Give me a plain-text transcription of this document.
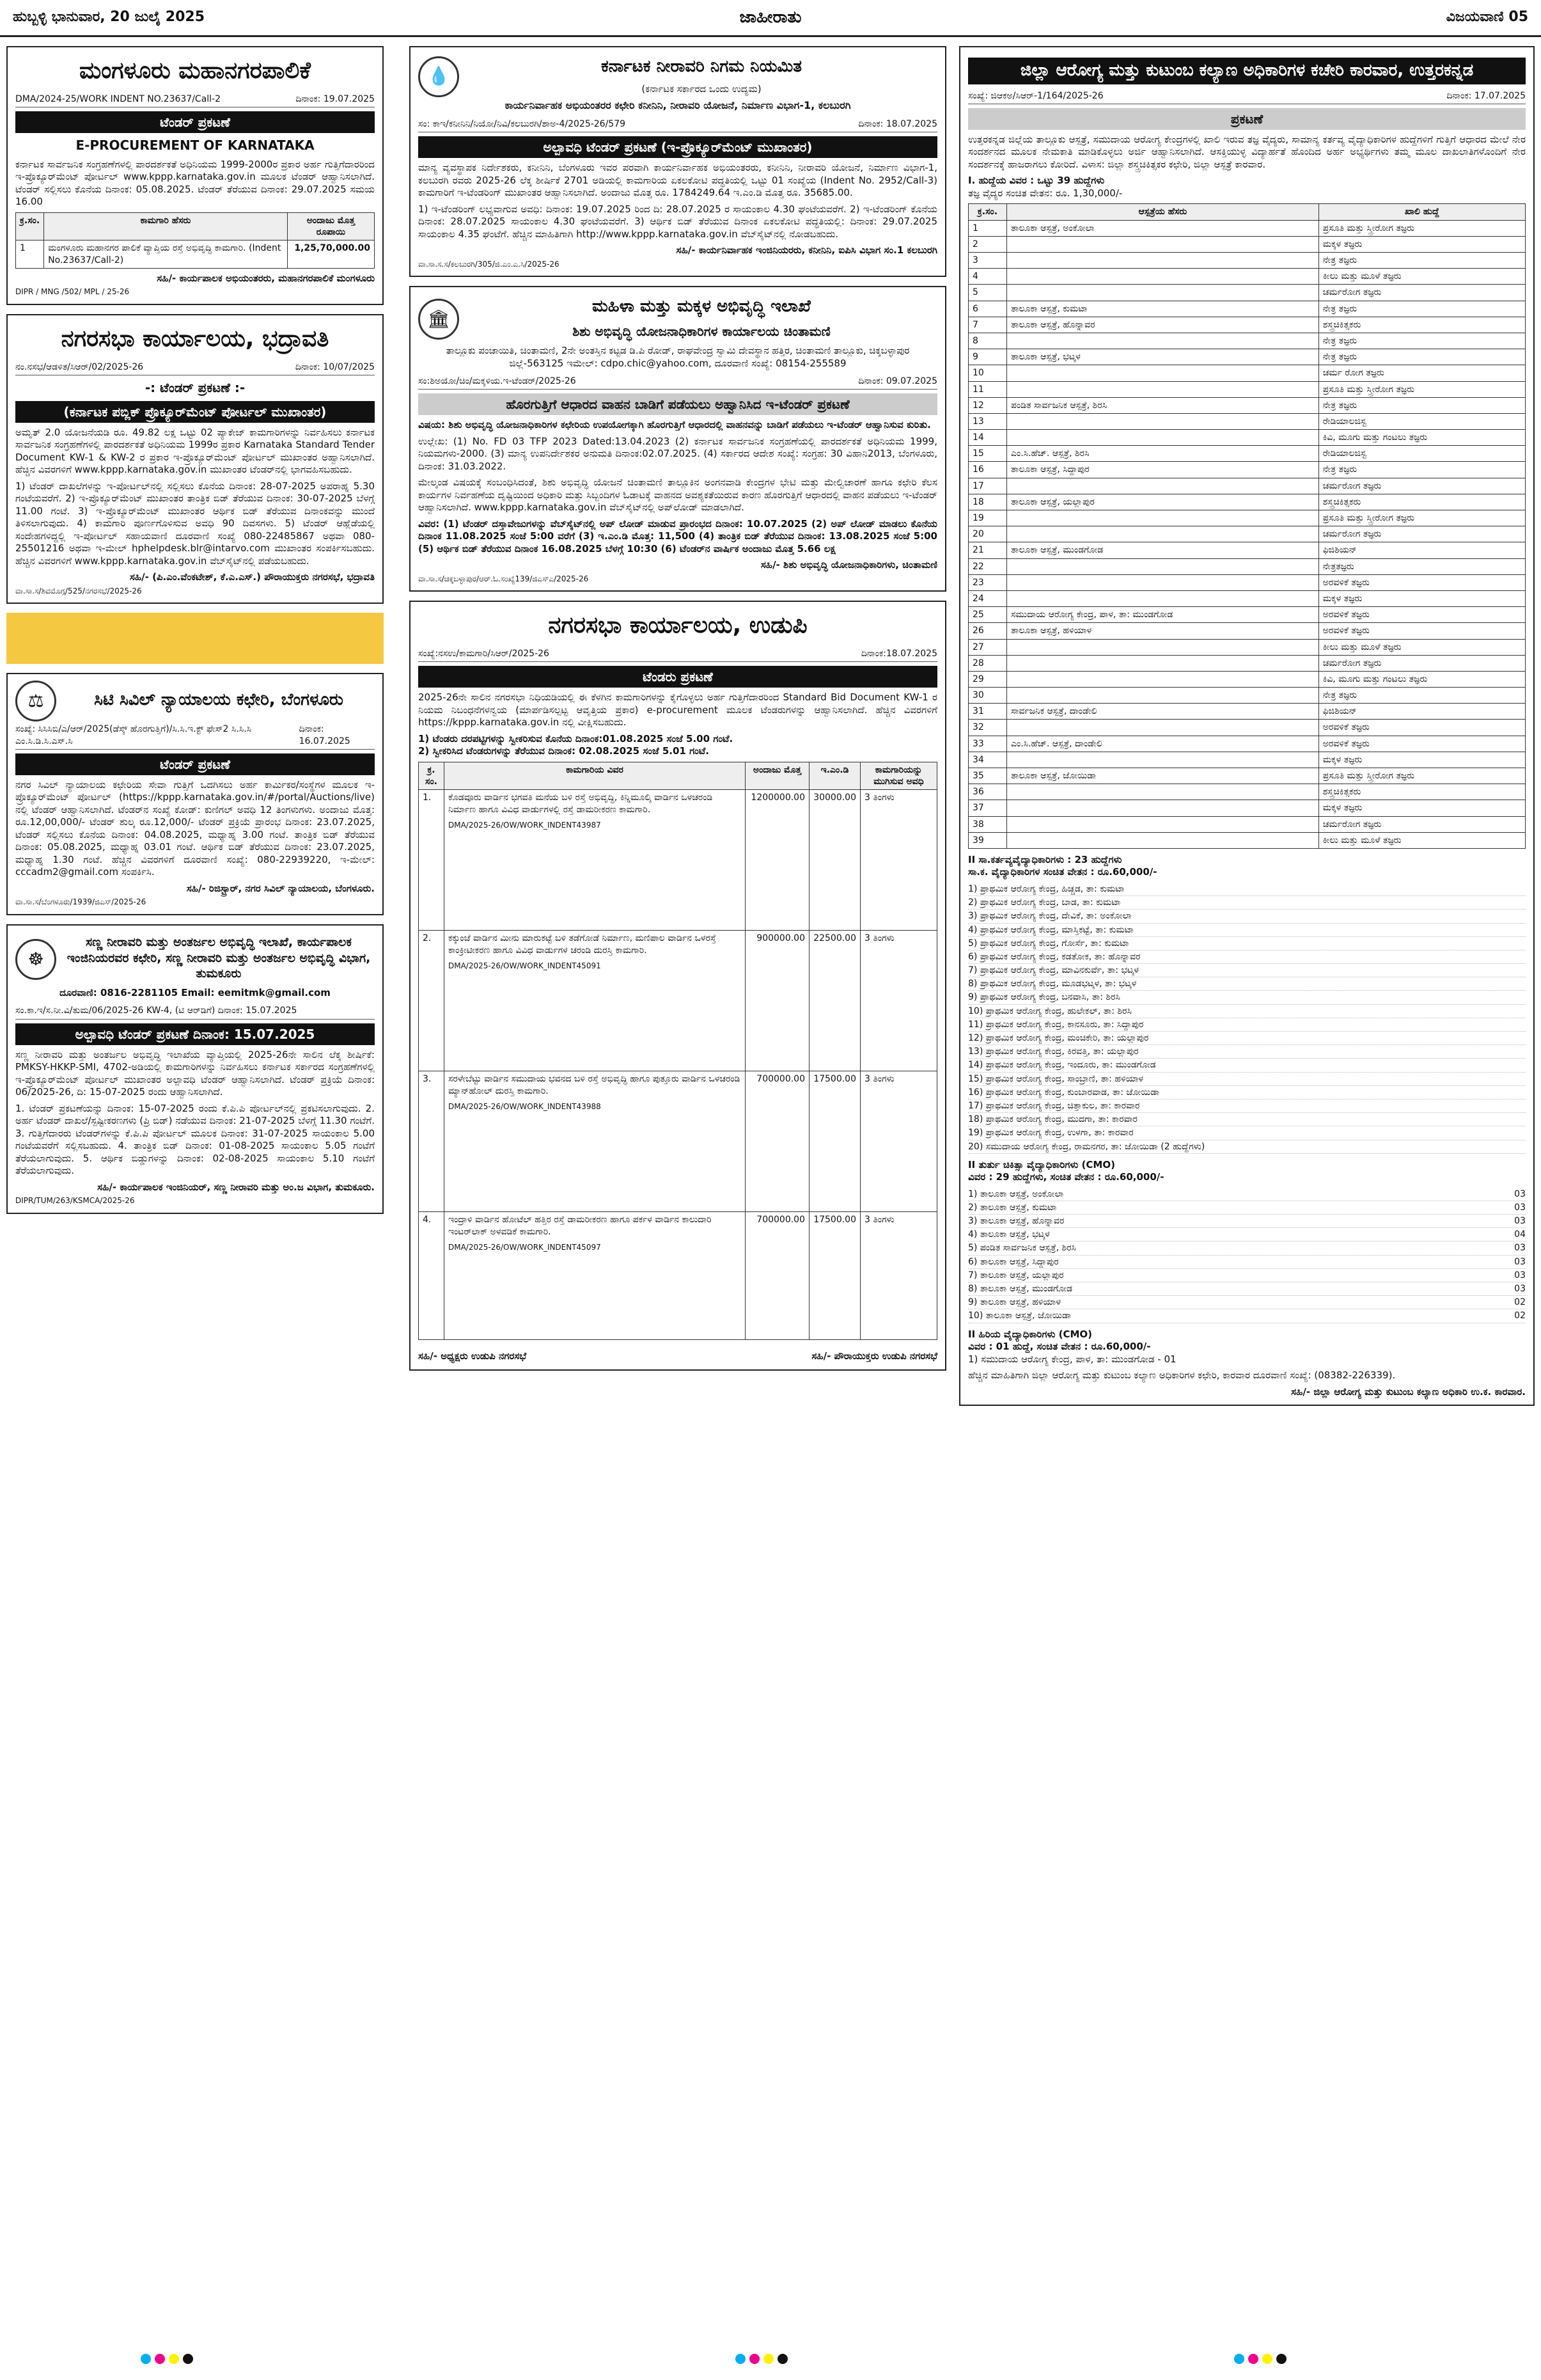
ಹುಬ್ಬಳ್ಳಿ ಭಾನುವಾರ, 20 ಜುಲೈ 2025	ಜಾಹೀರಾತು	ವಿಜಯವಾಣಿ 05
ಮಂಗಳೂರು ಮಹಾನಗರಪಾಲಿಕೆ
DMA/2024-25/WORK INDENT NO.23637/Call-2	ದಿನಾಂಕ: 19.07.2025
ಟೆಂಡರ್ ಪ್ರಕಟಣೆ
E-PROCUREMENT OF KARNATAKA
ಕರ್ನಾಟಕ ಸಾರ್ವಜನಿಕ ಸಂಗ್ರಹಣೆಗಳಲ್ಲಿ ಪಾರದರ್ಶಕತೆ ಅಧಿನಿಯಮ 1999-2000ರ ಪ್ರಕಾರ ಅರ್ಹ ಗುತ್ತಿಗೆದಾರರಿಂದ ಇ-ಪ್ರೊಕ್ಯೂರ್‌ಮೆಂಟ್ ಪೋರ್ಟಲ್ www.kppp.karnataka.gov.in ಮೂಲಕ ಟೆಂಡರ್ ಆಹ್ವಾನಿಸಲಾಗಿದೆ. ಟೆಂಡರ್ ಸಲ್ಲಿಸಲು ಕೊನೆಯ ದಿನಾಂಕ: 05.08.2025. ಟೆಂಡರ್ ತೆರೆಯುವ ದಿನಾಂಕ: 29.07.2025 ಸಮಯ 16.00
ಕ್ರ.ಸಂ.	ಕಾಮಗಾರಿ ಹೆಸರು	ಅಂದಾಜು ಮೊತ್ತ ರೂಪಾಯಿ
1	ಮಂಗಳೂರು ಮಹಾನಗರ ಪಾಲಿಕೆ ವ್ಯಾಪ್ತಿಯ ರಸ್ತೆ ಅಭಿವೃದ್ಧಿ ಕಾಮಗಾರಿ. (Indent No.23637/Call-2)	1,25,70,000.00
ಸಹಿ/- ಕಾರ್ಯಪಾಲಕ ಅಭಿಯಂತರರು, ಮಹಾನಗರಪಾಲಿಕೆ ಮಂಗಳೂರು
DIPR / MNG /502/ MPL / 25-26
ನಗರಸಭಾ ಕಾರ್ಯಾಲಯ, ಭದ್ರಾವತಿ
ನಂ.ನಸಭ/ಆಡಳಿತ/ಸಿಆರ್/02/2025-26	ದಿನಾಂಕ: 10/07/2025
-: ಟೆಂಡರ್ ಪ್ರಕಟಣೆ :-
(ಕರ್ನಾಟಕ ಪಬ್ಲಿಕ್ ಪ್ರೊಕ್ಯೂರ್‌ಮೆಂಟ್ ಪೋರ್ಟಲ್ ಮುಖಾಂತರ)
ಅಮೃತ್ 2.0 ಯೋಜನೆಯಡಿ ರೂ. 49.82 ಲಕ್ಷ ಒಟ್ಟು 02 ಪ್ಯಾಕೇಜ್ ಕಾಮಗಾರಿಗಳನ್ನು ನಿರ್ವಹಿಸಲು ಕರ್ನಾಟಕ ಸಾರ್ವಜನಿಕ ಸಂಗ್ರಹಣೆಗಳಲ್ಲಿ ಪಾರದರ್ಶಕತೆ ಅಧಿನಿಯಮ 1999ರ ಪ್ರಕಾರ Karnataka Standard Tender Document KW-1 & KW-2 ರ ಪ್ರಕಾರ ಇ-ಪ್ರೊಕ್ಯೂರ್‌ಮೆಂಟ್ ಪೋರ್ಟಲ್ ಮುಖಾಂತರ ಅಹ್ವಾನಿಸಲಾಗಿದೆ. ಹೆಚ್ಚಿನ ವಿವರಗಳಿಗೆ www.kppp.karnataka.gov.in ಮುಖಾಂತರ ಟೆಂಡರ್‌ನಲ್ಲಿ ಭಾಗವಹಿಸಬಹುದು.
1) ಟೆಂಡರ್ ದಾಖಲೆಗಳನ್ನು ಇ-ಪೋರ್ಟಲ್‌ನಲ್ಲಿ ಸಲ್ಲಿಸಲು ಕೊನೆಯ ದಿನಾಂಕ: 28-07-2025 ಅಪರಾಹ್ನ 5.30 ಗಂಟೆಯವರೆಗೆ. 2) ಇ-ಪ್ರೊಕ್ಯೂರ್‌ಮೆಂಟ್ ಮುಖಾಂತರ ತಾಂತ್ರಿಕ ಬಿಡ್ ತೆರೆಯುವ ದಿನಾಂಕ: 30-07-2025 ಬೆಳಗ್ಗೆ 11.00 ಗಂಟೆ. 3) ಇ-ಪ್ರೊಕ್ಯೂರ್‌ಮೆಂಟ್ ಮುಖಾಂತರ ಆರ್ಥಿಕ ಬಿಡ್ ತೆರೆಯುವ ದಿನಾಂಕವನ್ನು ಮುಂದೆ ತಿಳಿಸಲಾಗುವುದು. 4) ಕಾಮಗಾರಿ ಪೂರ್ಣಗೊಳಿಸುವ ಅವಧಿ 90 ದಿವಸಗಳು. 5) ಟೆಂಡರ್ ಆಹ್ಲೆಡೆಯಲ್ಲಿ ಸಂದೇಹಗಳಿದ್ದಲ್ಲಿ ಇ-ಪೋರ್ಟಲ್ ಸಹಾಯವಾಣಿ ದೂರವಾಣಿ ಸಂಖ್ಯೆ 080-22485867 ಅಥವಾ 080-25501216 ಅಥವಾ ಇ-ಮೇಲ್ hphelpdesk.blr@intarvo.com ಮುಖಾಂತರ ಸಂಪರ್ಕಿಸಬಹುದು. ಹೆಚ್ಚಿನ ವಿವರಗಳಿಗೆ www.kppp.karnataka.gov.in ವೆಬ್‌ಸೈಟ್‌ನಲ್ಲಿ ಪಡೆಯಬಹುದು.
ಸಹಿ/- (ಪಿ.ಎಂ.ವೆಂಕಟೇಶ್, ಕೆ.ಎ.ಎಸ್.) ಪೌರಾಯುಕ್ತರು ನಗರಸಭೆ, ಭದ್ರಾವತಿ
ವಾ.ಸಾ.ಸ/ಶಿವಮೊಗ್ಗ/525/ನಗರಸಭೆ/2025-26
⚖	ಸಿಟಿ ಸಿವಿಲ್ ನ್ಯಾಯಾಲಯ ಕಛೇರಿ, ಬೆಂಗಳೂರು
ಸಂಖ್ಯೆ: ಸಿಸಿಸಿಬಿ/ಎ/ಆರ್/2025(ಡೆಸ್ಕ್ ಹೊರಗುತ್ತಿಗೆ)/ಸಿ.ಸಿ.ಇ.ಕ್ಟ್ ಫೇಸ್2 ಸಿ.ಸಿ.ಸಿ ಎಂ.ಸಿ.ಡಿ.ಸಿ.ಎಸ್.ಸಿ
ದಿನಾಂಕ: 16.07.2025
ಟೆಂಡರ್ ಪ್ರಕಟಣೆ
ನಗರ ಸಿವಿಲ್ ನ್ಯಾಯಾಲಯ ಕಛೇರಿಯ ಸೇವಾ ಗುತ್ತಿಗೆ ಒದಗಿಸಲು ಅರ್ಹ ಕಾರ್ಮಿಕರ/ಸಂಸ್ಥೆಗಳ ಮೂಲಕ ಇ-ಪ್ರೊಕ್ಯೂರ್‌ಮೆಂಟ್ ಪೋರ್ಟಲ್ (https://kppp.karnataka.gov.in/#/portal/Auctions/live) ನಲ್ಲಿ ಟೆಂಡರ್ ಆಹ್ವಾನಿಸಲಾಗಿದೆ. ಟೆಂಡರ್‌ನ ಸಂಖ್ಯೆ ಕೋಡ್: ಕುಣಿಗಲ್ ಅವಧಿ 12 ತಿಂಗಳುಗಳು. ಅಂದಾಜು ಮೊತ್ತ: ರೂ.12,00,000/- ಟೆಂಡರ್ ಶುಲ್ಕ ರೂ.12,000/- ಟೆಂಡರ್ ಪ್ರಕ್ರಿಯೆ ಪ್ರಾರಂಭ ದಿನಾಂಕ: 23.07.2025, ಟೆಂಡರ್ ಸಲ್ಲಿಸಲು ಕೊನೆಯ ದಿನಾಂಕ: 04.08.2025, ಮಧ್ಯಾಹ್ನ 3.00 ಗಂಟೆ. ತಾಂತ್ರಿಕ ಬಿಡ್ ತೆರೆಯುವ ದಿನಾಂಕ: 05.08.2025, ಮಧ್ಯಾಹ್ನ 03.01 ಗಂಟೆ. ಆರ್ಥಿಕ ಬಿಡ್ ತೆರೆಯುವ ದಿನಾಂಕ: 23.07.2025, ಮಧ್ಯಾಹ್ನ 1.30 ಗಂಟೆ. ಹೆಚ್ಚಿನ ವಿವರಗಳಿಗೆ ದೂರವಾಣಿ ಸಂಖ್ಯೆ: 080-22939220, ಇ-ಮೇಲ್: cccadm2@gmail.com ಸಂಪರ್ಕಿಸಿ.
ಸಹಿ/- ರಿಜಿಸ್ಟ್ರಾರ್, ನಗರ ಸಿವಿಲ್ ನ್ಯಾಯಾಲಯ, ಬೆಂಗಳೂರು.
ವಾ.ಸಾ.ಸ/ಬೆಂಗಳೂರು/1939/ಜಿಎಸ್/2025-26
☸
ಸಣ್ಣ ನೀರಾವರಿ ಮತ್ತು ಅಂತರ್ಜಲ ಅಭಿವೃದ್ಧಿ ಇಲಾಖೆ, ಕಾರ್ಯಪಾಲಕ ಇಂಜಿನಿಯರವರ ಕಛೇರಿ, ಸಣ್ಣ ನೀರಾವರಿ ಮತ್ತು ಅಂತರ್ಜಲ ಅಭಿವೃದ್ಧಿ ವಿಭಾಗ, ತುಮಕೂರು
ದೂರವಾಣಿ: 0816-2281105 Email: eemitmk@gmail.com
ಸಂ.ಕಾ.ಇ/ಸ.ನೀ.ವಿ/ತುಮ/06/2025-26 KW-4, (ಟಿ ಆರ್‌ಡಿಗೆ) ದಿನಾಂಕ: 15.07.2025
ಅಲ್ಪಾವಧಿ ಟೆಂಡರ್ ಪ್ರಕಟಣೆ ದಿನಾಂಕ: 15.07.2025
ಸಣ್ಣ ನೀರಾವರಿ ಮತ್ತು ಅಂತರ್ಜಲ ಅಭಿವೃದ್ಧಿ ಇಲಾಖೆಯ ವ್ಯಾಪ್ತಿಯಲ್ಲಿ 2025-26ನೇ ಸಾಲಿನ ಲೆಕ್ಕ ಶೀರ್ಷಿಕೆ: PMKSY-HKKP-SMI, 4702-ಅಡಿಯಲ್ಲಿ ಕಾಮಗಾರಿಗಳನ್ನು ನಿರ್ವಹಿಸಲು ಕರ್ನಾಟಕ ಸರ್ಕಾರದ ಸಂಗ್ರಹಣೆಗಳಲ್ಲಿ ಇ-ಪ್ರೊಕ್ಯೂರ್‌ಮೆಂಟ್ ಪೋರ್ಟಲ್ ಮುಖಾಂತರ ಅಲ್ಪಾವಧಿ ಟೆಂಡರ್ ಆಹ್ವಾನಿಸಲಾಗಿದೆ. ಟೆಂಡರ್ ಪ್ರಕ್ರಿಯೆ ದಿನಾಂಕ: 06/2025-26, ದಿ: 15-07-2025 ರಂದು ಆಹ್ವಾನಿಸಲಾಗಿದೆ.
1. ಟೆಂಡರ್ ಪ್ರಕಟಣೆಯನ್ನು ದಿನಾಂಕ: 15-07-2025 ರಂದು ಕೆ.ಪಿ.ಪಿ ಪೋರ್ಟಲ್‌ನಲ್ಲಿ ಪ್ರಕಟಿಸಲಾಗುವುದು. 2. ಅರ್ಹ ಟೆಂಡರ್ ದಾಖಲೆ/ಸ್ಪಷ್ಟೀಕರಣಗಳು (ಪ್ರಿ ಬಿಡ್) ನಡೆಯುವ ದಿನಾಂಕ: 21-07-2025 ಬೆಳಗ್ಗೆ 11.30 ಗಂಟೆಗೆ. 3. ಗುತ್ತಿಗೆದಾರರು ಟೆಂಡರ್‌ಗಳನ್ನು ಕೆ.ಪಿ.ಪಿ ಪೋರ್ಟಲ್ ಮೂಲಕ ದಿನಾಂಕ: 31-07-2025 ಸಾಯಂಕಾಲ 5.00 ಗಂಟೆಯವರೆಗೆ ಸಲ್ಲಿಸಬಹುದು. 4. ತಾಂತ್ರಿಕ ಬಿಡ್ ದಿನಾಂಕ: 01-08-2025 ಸಾಯಂಕಾಲ 5.05 ಗಂಟೆಗೆ ತೆರೆಯಲಾಗುವುದು. 5. ಆರ್ಥಿಕ ಬಿಡ್ಡುಗಳನ್ನು ದಿನಾಂಕ: 02-08-2025 ಸಾಯಂಕಾಲ 5.10 ಗಂಟೆಗೆ ತೆರೆಯಲಾಗುವುದು.
ಸಹಿ/- ಕಾರ್ಯಪಾಲಕ ಇಂಜಿನಿಯರ್, ಸಣ್ಣ ನೀರಾವರಿ ಮತ್ತು ಅಂ.ಜ ವಿಭಾಗ, ತುಮಕೂರು.
DIPR/TUM/263/KSMCA/2025-26
💧	ಕರ್ನಾಟಕ ನೀರಾವರಿ ನಿಗಮ ನಿಯಮಿತ
(ಕರ್ನಾಟಕ ಸರ್ಕಾರದ ಒಂದು ಉದ್ಯಮ)
ಕಾರ್ಯನಿರ್ವಾಹಕ ಅಭಿಯಂತರರ ಕಛೇರಿ ಕನೀನಿನಿ, ನೀರಾವರಿ ಯೋಜನೆ, ನಿರ್ಮಾಣ ವಿಭಾಗ-1, ಕಲಬುರಗಿ
ಸಂ: ಕಾಇ/ಕನೀನಿನಿ/ನಿಯೋ/ನಿವಿ/ಕಲಬುರಗಿ/ಶಾಅ-4/2025-26/579	ದಿನಾಂಕ: 18.07.2025
ಅಲ್ಪಾವಧಿ ಟೆಂಡರ್ ಪ್ರಕಟಣೆ (ಇ-ಪ್ರೊಕ್ಯೂರ್‌ಮೆಂಟ್ ಮುಖಾಂತರ)
ಮಾನ್ಯ ವ್ಯವಸ್ಥಾಪಕ ನಿರ್ದೇಶಕರು, ಕನೀನಿನಿ, ಬೆಂಗಳೂರು ಇವರ ಪರವಾಗಿ ಕಾರ್ಯನಿರ್ವಾಹಕ ಅಭಿಯಂತರರು, ಕನೀನಿನಿ, ನೀರಾವರಿ ಯೋಜನೆ, ನಿರ್ಮಾಣ ವಿಭಾಗ-1, ಕಲಬುರಗಿ ರವರು 2025-26 ಲೆಕ್ಕ ಶೀರ್ಷಿಕೆ 2701 ಅಡಿಯಲ್ಲಿ ಕಾಮಗಾರಿಯ ಏಕಲಕೋಟಿ ಪದ್ಧತಿಯಲ್ಲಿ ಒಟ್ಟು 01 ಸಂಖ್ಯೆಯ (Indent No. 2952/Call-3) ಕಾಮಗಾರಿಗೆ ಇ-ಟೆಂಡರಿಂಗ್ ಮುಖಾಂತರ ಆಹ್ವಾನಿಸಲಾಗಿದೆ. ಅಂದಾಜು ಮೊತ್ತ ರೂ. 1784249.64 ಇ.ಎಂ.ಡಿ ಮೊತ್ತ ರೂ. 35685.00.
1) ಇ-ಟೆಂಡರಿಂಗ್ ಲಭ್ಯವಾಗುವ ಅವಧಿ: ದಿನಾಂಕ: 19.07.2025 ರಿಂದ ದಿ: 28.07.2025 ರ ಸಾಯಂಕಾಲ 4.30 ಘಂಟೆಯವರೆಗೆ. 2) ಇ-ಟೆಂಡರಿಂಗ್ ಕೊನೆಯ ದಿನಾಂಕ: 28.07.2025 ಸಾಯಂಕಾಲ 4.30 ಘಂಟೆಯವರೆಗೆ. 3) ಆರ್ಥಿಕ ಬಿಡ್ ತೆರೆಯುವ ದಿನಾಂಕ ಏಕಲಕೋಟಿ ಪದ್ಧತಿಯಲ್ಲಿ: ದಿನಾಂಕ: 29.07.2025 ಸಾಯಂಕಾಲ 4.35 ಘಂಟೆಗೆ. ಹೆಚ್ಚಿನ ಮಾಹಿತಿಗಾಗಿ http://www.kppp.karnataka.gov.in ವೆಬ್‌ಸೈಟ್‌ನಲ್ಲಿ ನೋಡಬಹುದು.
ಸಹಿ/- ಕಾರ್ಯನಿರ್ವಾಹಕ ಇಂಜಿನಿಯರರು, ಕನೀನಿನಿ, ಐಪಿಸಿ ವಿಭಾಗ ಸಂ.1 ಕಲಬುರಗಿ
ವಾ.ಸಾ.ಸ.ಸ/ಕಲಬುರಗಿ/305/ಜಿ.ಎಂ.ಎ.ಸಿ/2025-26
🏛
ಮಹಿಳಾ ಮತ್ತು ಮಕ್ಕಳ ಅಭಿವೃದ್ಧಿ ಇಲಾಖೆ
ಶಿಶು ಅಭಿವೃದ್ಧಿ ಯೋಜನಾಧಿಕಾರಿಗಳ ಕಾರ್ಯಾಲಯ ಚಿಂತಾಮಣಿ
ತಾಲ್ಲೂಕು ಪಂಚಾಯಿತಿ, ಚಿಂತಾಮಣಿ, 2ನೇ ಅಂತಸ್ತಿನ ಕಟ್ಟಡ ಡಿ.ಪಿ ರೋಡ್, ರಾಘವೇಂದ್ರ ಸ್ವಾಮಿ ದೇವಸ್ಥಾನ ಹತ್ತಿರ, ಚಿಂತಾಮಣಿ ತಾಲ್ಲೂಕು, ಚಿಕ್ಕಬಳ್ಳಾಪುರ ಜಿಲ್ಲೆ-563125 ಇಮೇಲ್: cdpo.chic@yahoo.com, ದೂರವಾಣಿ ಸಂಖ್ಯೆ: 08154-255589
ಸಂ:ಶಿಅಯೋ/ಚಿಂ/ಮಕ್ಕಳಿಯ.ಇ-ಟೆಂಡರ್/2025-26	ದಿನಾಂಕ: 09.07.2025
ಹೊರಗುತ್ತಿಗೆ ಆಧಾರದ ವಾಹನ ಬಾಡಿಗೆ ಪಡೆಯಲು ಅಹ್ವಾನಿಸಿದ ಇ-ಟೆಂಡರ್ ಪ್ರಕಟಣೆ
ವಿಷಯ: ಶಿಶು ಅಭಿವೃದ್ಧಿ ಯೋಜನಾಧಿಕಾರಿಗಳ ಕಛೇರಿಯ ಉಪಯೋಗಕ್ಕಾಗಿ ಹೊರಗುತ್ತಿಗೆ ಆಧಾರದಲ್ಲಿ ವಾಹನವನ್ನು ಬಾಡಿಗೆ ಪಡೆಯಲು ಇ-ಟೆಂಡರ್ ಆಹ್ವಾನಿಸುವ ಕುರಿತು.
ಉಲ್ಲೇಖ: (1) No. FD 03 TFP 2023 Dated:13.04.2023 (2) ಕರ್ನಾಟಕ ಸಾರ್ವಜನಿಕ ಸಂಗ್ರಹಣೆಯಲ್ಲಿ ಪಾರದರ್ಶಕತೆ ಅಧಿನಿಯಮ 1999, ನಿಯಮಗಳು-2000. (3) ಮಾನ್ಯ ಉಪನಿರ್ದೇಶಕರ ಅನುಮತಿ ದಿನಾಂಕ:02.07.2025. (4) ಸರ್ಕಾರದ ಆದೇಶ ಸಂಖ್ಯೆ: ಸಂಗ್ರಹ: 30 ವಿಹಾನಿ2013, ಬೆಂಗಳೂರು, ದಿನಾಂಕ: 31.03.2022.
ಮೇಲ್ಕಂಡ ವಿಷಯಕ್ಕೆ ಸಂಬಂಧಿಸಿದಂತೆ, ಶಿಶು ಅಭಿವೃದ್ಧಿ ಯೋಜನೆ ಚಿಂತಾಮಣಿ ತಾಲ್ಲೂಕಿನ ಅಂಗನವಾಡಿ ಕೇಂದ್ರಗಳ ಭೇಟಿ ಮತ್ತು ಮೇಲ್ವಿಚಾರಣೆ ಹಾಗೂ ಕಛೇರಿ ಕೆಲಸ ಕಾರ್ಯಗಳ ನಿರ್ವಹಣೆಯ ದೃಷ್ಟಿಯಿಂದ ಅಧಿಕಾರಿ ಮತ್ತು ಸಿಬ್ಬಂದಿಗಳ ಓಡಾಟಕ್ಕೆ ವಾಹನದ ಅವಶ್ಯಕತೆಯಿರುವ ಕಾರಣ ಹೊರಗುತ್ತಿಗೆ ಆಧಾರದಲ್ಲಿ ವಾಹನ ಪಡೆಯಲು ಇ-ಟೆಂಡರ್ ಆಹ್ವಾನಿಸಲಾಗಿದೆ. www.kppp.karnataka.gov.in ವೆಬ್‌ಸೈಟ್‌ನಲ್ಲಿ ಅಪ್‌ಲೋಡ್ ಮಾಡಲಾಗಿದೆ.
ವಿವರ: (1) ಟೆಂಡರ್ ದಸ್ತಾವೇಜುಗಳನ್ನು ವೆಬ್‌ಸೈಟ್‌ನಲ್ಲಿ ಅಪ್ ಲೋಡ್ ಮಾಡುವ ಪ್ರಾರಂಭದ ದಿನಾಂಕ: 10.07.2025 (2) ಅಪ್ ಲೋಡ್ ಮಾಡಲು ಕೊನೆಯ ದಿನಾಂಕ 11.08.2025 ಸಂಜೆ 5:00 ವರೆಗೆ (3) ಇ.ಎಂ.ಡಿ ಮೊತ್ತ: 11,500 (4) ತಾಂತ್ರಿಕ ಬಿಡ್ ತೆರೆಯುವ ದಿನಾಂಕ: 13.08.2025 ಸಂಜೆ 5:00 (5) ಆರ್ಥಿಕ ಬಿಡ್ ತೆರೆಯುವ ದಿನಾಂಕ 16.08.2025 ಬೆಳಗ್ಗೆ 10:30 (6) ಟೆಂಡರ್‌ನ ವಾರ್ಷಿಕ ಅಂದಾಜು ಮೊತ್ತ 5.66 ಲಕ್ಷ
ಸಹಿ/- ಶಿಶು ಅಭಿವೃದ್ಧಿ ಯೋಜನಾಧಿಕಾರಿಗಳು, ಚಿಂತಾಮಣಿ
ವಾ.ಸಾ.ಸ/ಚಿಕ್ಕಬಳ್ಳಾಪುರ/ಆರ್.ಓ.ಸಂಖ್ಯೆ139/ಜಿಎಸ್‌ಎ/2025-26
ನಗರಸಭಾ ಕಾರ್ಯಾಲಯ, ಉಡುಪಿ
ಸಂಖ್ಯೆ:ನಸಉ/ಕಾಮಗಾರಿ/ಸಿಆರ್/2025-26	ದಿನಾಂಕ:18.07.2025
ಟೆಂಡರು ಪ್ರಕಟಣೆ
2025-26ನೇ ಸಾಲಿನ ನಗರಸಭಾ ನಿಧಿಯಡಿಯಲ್ಲಿ ಈ ಕೆಳಗಿನ ಕಾಮಗಾರಿಗಳನ್ನು ಕೈಗೊಳ್ಳಲು ಅರ್ಹ ಗುತ್ತಿಗೆದಾರರಿಂದ Standard Bid Document KW-1 ರ ನಿಯಮ ನಿಬಂಧನೆಗಳನ್ವಯ (ಮಾರ್ಪಡಿಸಲ್ಪಟ್ಟ ಆವೃತ್ತಿಯ ಪ್ರಕಾರ) e-procurement ಮೂಲಕ ಟೆಂಡರುಗಳನ್ನು ಆಹ್ವಾನಿಸಲಾಗಿದೆ. ಹೆಚ್ಚಿನ ವಿವರಗಳಿಗೆ https://kppp.karnataka.gov.in ನಲ್ಲಿ ವೀಕ್ಷಿಸಬಹುದು.
1) ಟೆಂಡರು ದರಪಟ್ಟಿಗಳನ್ನು ಸ್ವೀಕರಿಸುವ ಕೊನೆಯ ದಿನಾಂಕ:01.08.2025 ಸಂಜೆ 5.00 ಗಂಟೆ.
2) ಸ್ವೀಕರಿಸಿದ ಟೆಂಡರುಗಳನ್ನು ತೆರೆಯುವ ದಿನಾಂಕ: 02.08.2025 ಸಂಜೆ 5.01 ಗಂಟೆ.
ಕ್ರ. ಸಂ.	ಕಾಮಗಾರಿಯ ವಿವರ	ಅಂದಾಜು ಮೊತ್ತ	ಇ.ಎಂ.ಡಿ	ಕಾಮಗಾರಿಯನ್ನು ಮುಗಿಸುವ ಅವಧಿ
1.	ಕೊಡವೂರು ವಾರ್ಡಿನ ಭಗವತಿ ಮನೆಯ ಬಳಿ ರಸ್ತೆ ಅಭಿವೃದ್ಧಿ, ಕಿನ್ನಿಮೂಲ್ಕಿ ವಾರ್ಡಿನ ಒಳಚರಂಡಿ ನಿರ್ಮಾಣ ಹಾಗೂ ವಿವಿಧ ವಾರ್ಡುಗಳಲ್ಲಿ ರಸ್ತೆ ಡಾಮರೀಕರಣ ಕಾಮಗಾರಿ.
DMA/2025-26/OW/WORK_INDENT43987	1200000.00	30000.00	3 ತಿಂಗಳು
2.	ಕಕ್ಕುಂಜೆ ವಾರ್ಡಿನ ಮೀನು ಮಾರುಕಟ್ಟೆ ಬಳಿ ತಡೆಗೋಡೆ ನಿರ್ಮಾಣ, ಮಣಿಪಾಲ ವಾರ್ಡಿನ ಒಳರಸ್ತೆ ಕಾಂಕ್ರೀಟೀಕರಣ ಹಾಗೂ ವಿವಿಧ ವಾರ್ಡುಗಳ ಚರಂಡಿ ದುರಸ್ತಿ ಕಾಮಗಾರಿ.
DMA/2025-26/OW/WORK_INDENT45091	900000.00	22500.00	3 ತಿಂಗಳು
3.	ಸರಳೇಬೆಟ್ಟು ವಾರ್ಡಿನ ಸಮುದಾಯ ಭವನದ ಬಳಿ ರಸ್ತೆ ಅಭಿವೃದ್ಧಿ ಹಾಗೂ ಪುತ್ತೂರು ವಾರ್ಡಿನ ಒಳಚರಂಡಿ ಮ್ಯಾನ್‌ಹೋಲ್ ದುರಸ್ತಿ ಕಾಮಗಾರಿ.
DMA/2025-26/OW/WORK_INDENT43988	700000.00	17500.00	3 ತಿಂಗಳು
4.	ಇಂದ್ರಾಳಿ ವಾರ್ಡಿನ ಹೋಟೆಲ್ ಹತ್ತಿರ ರಸ್ತೆ ಡಾಮರೀಕರಣ ಹಾಗೂ ಪರ್ಕಳ ವಾರ್ಡಿನ ಕಾಲುದಾರಿ ಇಂಟರ್‌ಲಾಕ್ ಅಳವಡಿಕೆ ಕಾಮಗಾರಿ.
DMA/2025-26/OW/WORK_INDENT45097	700000.00	17500.00	3 ತಿಂಗಳು
ಸಹಿ/- ಅಧ್ಯಕ್ಷರು ಉಡುಪಿ ನಗರಸಭೆ	ಸಹಿ/- ಪೌರಾಯುಕ್ತರು ಉಡುಪಿ ನಗರಸಭೆ
ಜಿಲ್ಲಾ ಆರೋಗ್ಯ ಮತ್ತು ಕುಟುಂಬ ಕಲ್ಯಾಣ ಅಧಿಕಾರಿಗಳ ಕಚೇರಿ ಕಾರವಾರ, ಉತ್ತರಕನ್ನಡ
ಸಂಖ್ಯೆ: ಜಿಆಕಅ/ಸಿಆರ್-1/164/2025-26	ದಿನಾಂಕ: 17.07.2025
ಪ್ರಕಟಣೆ
ಉತ್ತರಕನ್ನಡ ಜಿಲ್ಲೆಯ ತಾಲ್ಲೂಕು ಆಸ್ಪತ್ರೆ, ಸಮುದಾಯ ಆರೋಗ್ಯ ಕೇಂದ್ರಗಳಲ್ಲಿ ಖಾಲಿ ಇರುವ ತಜ್ಞ ವೈದ್ಯರು, ಸಾಮಾನ್ಯ ಕರ್ತವ್ಯ ವೈದ್ಯಾಧಿಕಾರಿಗಳ ಹುದ್ದೆಗಳಿಗೆ ಗುತ್ತಿಗೆ ಆಧಾರದ ಮೇಲೆ ನೇರ ಸಂದರ್ಶನದ ಮೂಲಕ ನೇಮಕಾತಿ ಮಾಡಿಕೊಳ್ಳಲು ಅರ್ಜಿ ಆಹ್ವಾನಿಸಲಾಗಿದೆ. ಆಸಕ್ತಿಯುಳ್ಳ ವಿದ್ಯಾರ್ಹತೆ ಹೊಂದಿದ ಅರ್ಹ ಅಭ್ಯರ್ಥಿಗಳು ತಮ್ಮ ಮೂಲ ದಾಖಲಾತಿಗಳೊಂದಿಗೆ ನೇರ ಸಂದರ್ಶನಕ್ಕೆ ಹಾಜರಾಗಲು ಕೋರಿದೆ. ವಿಳಾಸ: ಜಿಲ್ಲಾ ಶಸ್ತ್ರಚಿಕಿತ್ಸಕರ ಕಛೇರಿ, ಜಿಲ್ಲಾ ಆಸ್ಪತ್ರೆ ಕಾರವಾರ.
I. ಹುದ್ದೆಯ ವಿವರ : ಒಟ್ಟು 39 ಹುದ್ದೆಗಳು
ತಜ್ಞ ವೈದ್ಯರ ಸಂಚಿತ ವೇತನ: ರೂ. 1,30,000/-
ಕ್ರ.ಸಂ.	ಆಸ್ಪತ್ರೆಯ ಹೆಸರು	ಖಾಲಿ ಹುದ್ದೆ
1	ತಾಲೂಕಾ ಆಸ್ಪತ್ರೆ, ಅಂಕೋಲಾ	ಪ್ರಸೂತಿ ಮತ್ತು ಸ್ತ್ರೀರೋಗ ತಜ್ಞರು
2		ಮಕ್ಕಳ ತಜ್ಞರು
3		ನೇತ್ರ ತಜ್ಞರು
4		ಕೀಲು ಮತ್ತು ಮೂಳೆ ತಜ್ಞರು
5		ಚರ್ಮರೋಗ ತಜ್ಞರು
6	ತಾಲೂಕಾ ಆಸ್ಪತ್ರೆ, ಕುಮಟಾ	ನೇತ್ರ ತಜ್ಞರು
7	ತಾಲೂಕಾ ಆಸ್ಪತ್ರೆ, ಹೊನ್ನಾವರ	ಶಸ್ತ್ರಚಿಕಿತ್ಸಕರು
8		ನೇತ್ರ ತಜ್ಞರು
9	ತಾಲೂಕಾ ಆಸ್ಪತ್ರೆ, ಭಟ್ಕಳ	ನೇತ್ರ ತಜ್ಞರು
10		ಚರ್ಮ ರೋಗ ತಜ್ಞರು
11		ಪ್ರಸೂತಿ ಮತ್ತು ಸ್ತ್ರೀರೋಗ ತಜ್ಞರು
12	ಪಂಡಿತ ಸಾರ್ವಜನಿಕ ಆಸ್ಪತ್ರೆ, ಶಿರಸಿ	ನೇತ್ರ ತಜ್ಞರು
13		ರೇಡಿಯಾಲಜಿಸ್ಟ
14		ಕಿವಿ, ಮೂಗು ಮತ್ತು ಗಂಟಲು ತಜ್ಞರು
15	ಎಂ.ಸಿ.ಹೆಚ್. ಆಸ್ಪತ್ರೆ, ಶಿರಸಿ	ರೇಡಿಯಾಲಜಿಸ್ಟ
16	ತಾಲೂಕಾ ಆಸ್ಪತ್ರೆ, ಸಿದ್ದಾಪುರ	ನೇತ್ರ ತಜ್ಞರು
17		ಚರ್ಮರೋಗ ತಜ್ಞರು
18	ತಾಲೂಕಾ ಆಸ್ಪತ್ರೆ, ಯಲ್ಲಾಪುರ	ಶಸ್ತ್ರಚಿಕಿತ್ಸಕರು
19		ಪ್ರಸೂತಿ ಮತ್ತು ಸ್ತ್ರೀರೋಗ ತಜ್ಞರು
20		ಚರ್ಮರೋಗ ತಜ್ಞರು
21	ತಾಲೂಕಾ ಆಸ್ಪತ್ರೆ, ಮುಂಡಗೋಡ	ಫಿಜಿಶಿಯನ್
22		ನೇತ್ರತಜ್ಞರು
23		ಅರವಳಿಕೆ ತಜ್ಞರು
24		ಮಕ್ಕಳ ತಜ್ಞರು
25	ಸಮುದಾಯ ಆರೋಗ್ಯ ಕೇಂದ್ರ, ಪಾಳ, ತಾ: ಮುಂಡಗೋಡ	ಅರವಳಿಕೆ ತಜ್ಞರು
26	ತಾಲೂಕಾ ಆಸ್ಪತ್ರೆ, ಹಳಿಯಾಳ	ಅರವಳಿಕೆ ತಜ್ಞರು
27		ಕೀಲು ಮತ್ತು ಮೂಳೆ ತಜ್ಞರು
28		ಚರ್ಮರೋಗ ತಜ್ಞರು
29		ಕಿವಿ, ಮೂಗು ಮತ್ತು ಗಂಟಲು ತಜ್ಞರು
30		ನೇತ್ರ ತಜ್ಞರು
31	ಸಾರ್ವಜನಿಕ ಆಸ್ಪತ್ರೆ, ದಾಂಡೇಲಿ	ಫಿಜಿಶಿಯನ್
32		ಅರವಳಿಕೆ ತಜ್ಞರು
33	ಎಂ.ಸಿ.ಹೆಚ್. ಆಸ್ಪತ್ರೆ, ದಾಂಡೇಲಿ	ಅರವಳಿಕೆ ತಜ್ಞರು
34		ಮಕ್ಕಳ ತಜ್ಞರು
35	ತಾಲೂಕಾ ಆಸ್ಪತ್ರೆ, ಜೋಯಿಡಾ	ಪ್ರಸೂತಿ ಮತ್ತು ಸ್ತ್ರೀರೋಗ ತಜ್ಞರು
36		ಶಸ್ತ್ರಚಿಕಿತ್ಸಕರು
37		ಮಕ್ಕಳ ತಜ್ಞರು
38		ಚರ್ಮರೋಗ ತಜ್ಞರು
39		ಕೀಲು ಮತ್ತು ಮೂಳೆ ತಜ್ಞರು
II ಸಾ.ಕರ್ತವ್ಯವೈದ್ಯಾಧಿಕಾರಿಗಳು : 23 ಹುದ್ದೆಗಳು
ಸಾ.ಕ. ವೈದ್ಯಾಧಿಕಾರಿಗಳ ಸಂಚಿತ ವೇತನ : ರೂ.60,000/-
1) ಪ್ರಾಥಮಿಕ ಆರೋಗ್ಯ ಕೇಂದ್ರ, ಹಿಚ್ಚಡ, ತಾ: ಕುಮಟಾ
2) ಪ್ರಾಥಮಿಕ ಆರೋಗ್ಯ ಕೇಂದ್ರ, ಬಾಡ, ತಾ: ಕುಮಟಾ
3) ಪ್ರಾಥಮಿಕ ಆರೋಗ್ಯ ಕೇಂದ್ರ, ದೇವಿಕೆ, ತಾ: ಅಂಕೋಲಾ
4) ಪ್ರಾಥಮಿಕ ಆರೋಗ್ಯ ಕೇಂದ್ರ, ಮಾಸ್ತಿಕಟ್ಟೆ, ತಾ: ಕುಮಟಾ
5) ಪ್ರಾಥಮಿಕ ಆರೋಗ್ಯ ಕೇಂದ್ರ, ಗೋರ್ಸೆ, ತಾ: ಕುಮಟಾ
6) ಪ್ರಾಥಮಿಕ ಆರೋಗ್ಯ ಕೇಂದ್ರ, ಕಡತೋಕ, ತಾ: ಹೊನ್ನಾವರ
7) ಪ್ರಾಥಮಿಕ ಆರೋಗ್ಯ ಕೇಂದ್ರ, ಮಾವಿನಕುರ್ವೆ, ತಾ: ಭಟ್ಕಳ
8) ಪ್ರಾಥಮಿಕ ಆರೋಗ್ಯ ಕೇಂದ್ರ, ಮೂಡಭಟ್ಕಳ, ತಾ: ಭಟ್ಕಳ
9) ಪ್ರಾಥಮಿಕ ಆರೋಗ್ಯ ಕೇಂದ್ರ, ಬನವಾಸಿ, ತಾ: ಶಿರಸಿ
10) ಪ್ರಾಥಮಿಕ ಆರೋಗ್ಯ ಕೇಂದ್ರ, ಹುಲೇಕಲ್, ತಾ: ಶಿರಸಿ
11) ಪ್ರಾಥಮಿಕ ಆರೋಗ್ಯ ಕೇಂದ್ರ, ಕಾನಸೂರು, ತಾ: ಸಿದ್ದಾಪುರ
12) ಪ್ರಾಥಮಿಕ ಆರೋಗ್ಯ ಕೇಂದ್ರ, ಮಂಚಿಕೇರಿ, ತಾ: ಯಲ್ಲಾಪುರ
13) ಪ್ರಾಥಮಿಕ ಆರೋಗ್ಯ ಕೇಂದ್ರ, ಕಿರವತ್ತಿ, ತಾ: ಯಲ್ಲಾಪುರ
14) ಪ್ರಾಥಮಿಕ ಆರೋಗ್ಯ ಕೇಂದ್ರ, ಇಂದೂರು, ತಾ: ಮುಂಡಗೋಡ
15) ಪ್ರಾಥಮಿಕ ಆರೋಗ್ಯ ಕೇಂದ್ರ, ಸಾಂಬ್ರಾಣಿ, ತಾ: ಹಳಿಯಾಳ
16) ಪ್ರಾಥಮಿಕ ಆರೋಗ್ಯ ಕೇಂದ್ರ, ಕುಂಬಾರವಾಡ, ತಾ: ಜೋಯಿಡಾ
17) ಪ್ರಾಥಮಿಕ ಆರೋಗ್ಯ ಕೇಂದ್ರ, ಚಿತ್ತಾಕುಲ, ತಾ: ಕಾರವಾರ
18) ಪ್ರಾಥಮಿಕ ಆರೋಗ್ಯ ಕೇಂದ್ರ, ಮುದಗಾ, ತಾ: ಕಾರವಾರ
19) ಪ್ರಾಥಮಿಕ ಆರೋಗ್ಯ ಕೇಂದ್ರ, ಉಳಗಾ, ತಾ: ಕಾರವಾರ
20) ಸಮುದಾಯ ಆರೋಗ್ಯ ಕೇಂದ್ರ, ರಾಮನಗರ, ತಾ: ಜೋಯಿಡಾ (2 ಹುದ್ದೆಗಳು)
II ತುರ್ತು ಚಿಕಿತ್ಸಾ ವೈದ್ಯಾಧಿಕಾರಿಗಳು (CMO)
ವಿವರ : 29 ಹುದ್ದೆಗಳು, ಸಂಚಿತ ವೇತನ : ರೂ.60,000/-
1) ತಾಲೂಕಾ ಆಸ್ಪತ್ರೆ, ಅಂಕೋಲಾ	03
2) ತಾಲೂಕಾ ಆಸ್ಪತ್ರೆ, ಕುಮಟಾ	03
3) ತಾಲೂಕಾ ಆಸ್ಪತ್ರೆ, ಹೊನ್ನಾವರ	03
4) ತಾಲೂಕಾ ಆಸ್ಪತ್ರೆ, ಭಟ್ಕಳ	04
5) ಪಂಡಿತ ಸಾರ್ವಜನಿಕ ಆಸ್ಪತ್ರೆ, ಶಿರಸಿ	03
6) ತಾಲೂಕಾ ಆಸ್ಪತ್ರೆ, ಸಿದ್ದಾಪುರ	03
7) ತಾಲೂಕಾ ಆಸ್ಪತ್ರೆ, ಯಲ್ಲಾಪುರ	03
8) ತಾಲೂಕಾ ಆಸ್ಪತ್ರೆ, ಮುಂಡಗೋಡ	03
9) ತಾಲೂಕಾ ಆಸ್ಪತ್ರೆ, ಹಳಿಯಾಳ	02
10) ತಾಲೂಕಾ ಆಸ್ಪತ್ರೆ, ಜೋಯಿಡಾ	02
II ಹಿರಿಯ ವೈದ್ಯಾಧಿಕಾರಿಗಳು (CMO)
ವಿವರ : 01 ಹುದ್ದೆ, ಸಂಚಿತ ವೇತನ : ರೂ.60,000/-
1) ಸಮುದಾಯ ಆರೋಗ್ಯ ಕೇಂದ್ರ, ಪಾಳ, ತಾ: ಮುಂಡಗೋಡ - 01
ಹೆಚ್ಚಿನ ಮಾಹಿತಿಗಾಗಿ ಜಿಲ್ಲಾ ಆರೋಗ್ಯ ಮತ್ತು ಕುಟುಂಬ ಕಲ್ಯಾಣ ಅಧಿಕಾರಿಗಳ ಕಛೇರಿ, ಕಾರವಾರ ದೂರವಾಣಿ ಸಂಖ್ಯೆ: (08382-226339).
ಸಹಿ/- ಜಿಲ್ಲಾ ಆರೋಗ್ಯ ಮತ್ತು ಕುಟುಂಬ ಕಲ್ಯಾಣ ಅಧಿಕಾರಿ ಉ.ಕ. ಕಾರವಾರ.
